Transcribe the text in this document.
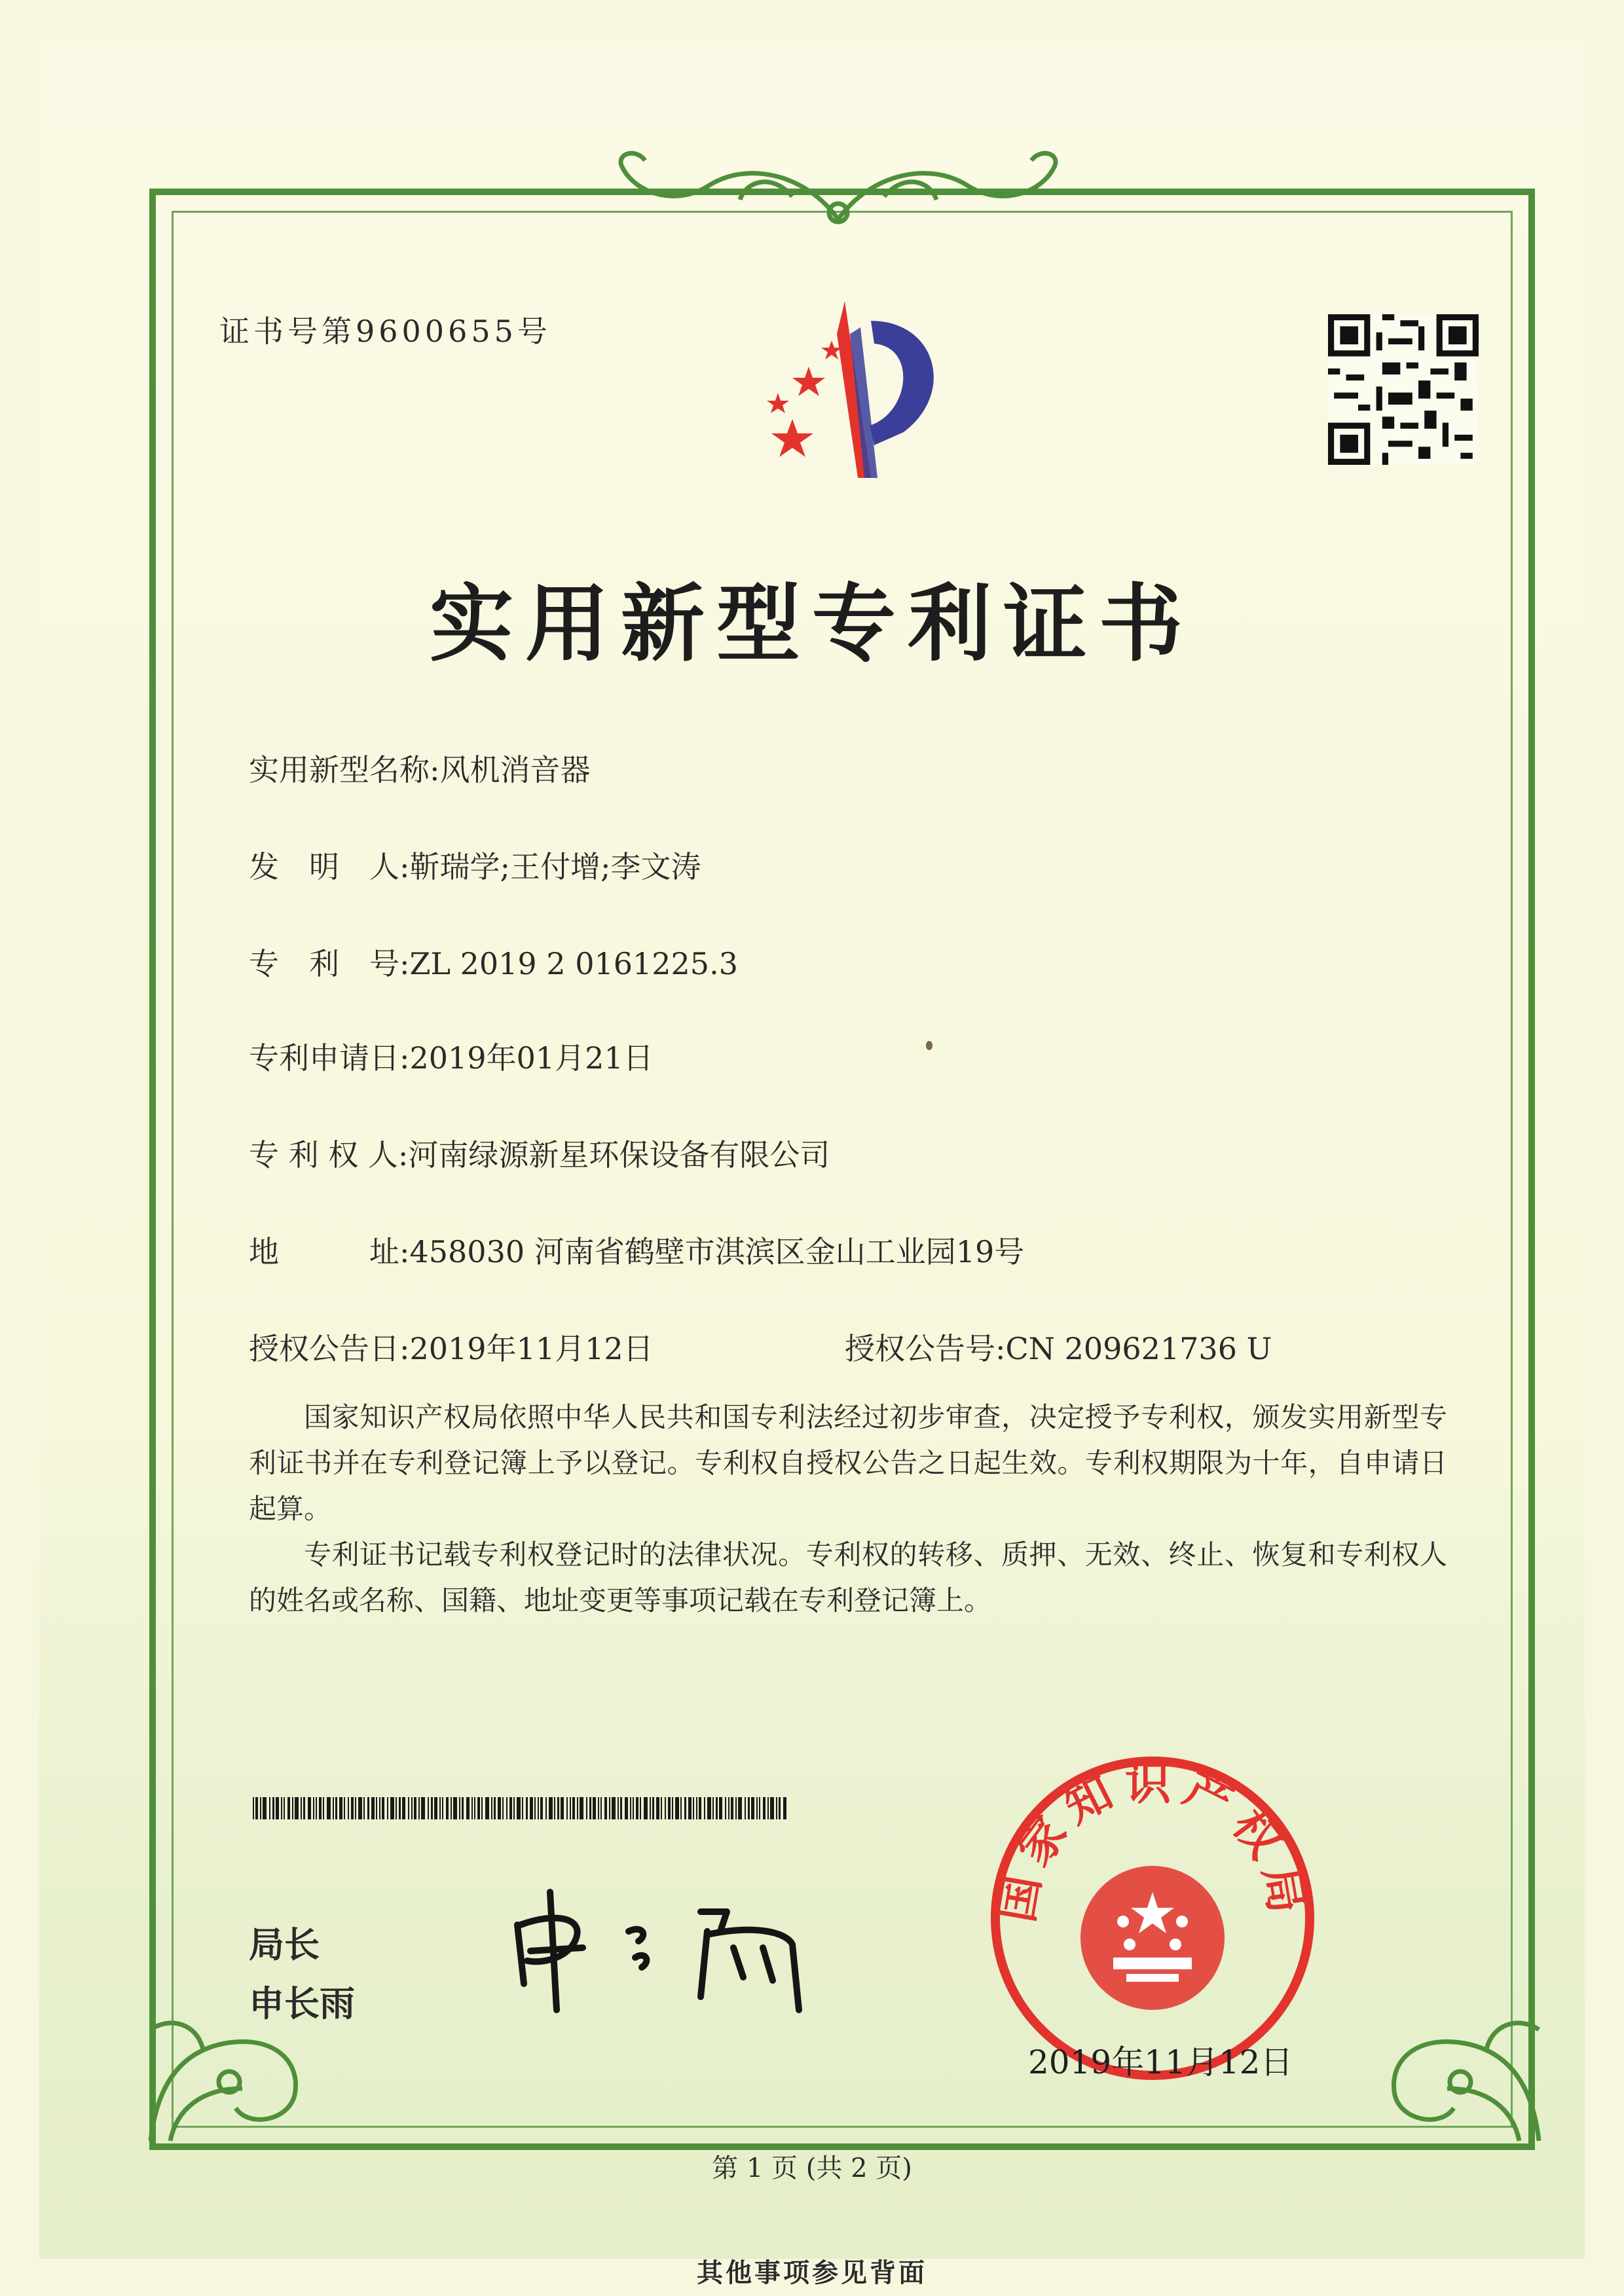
证书号第9600655号
实用新型专利证书
实用新型名称:风机消音器
发　明　人:靳瑞学;王付增;李文涛
专　利　号:ZL 2019 2 0161225.3
专利申请日:2019年01月21日
专 利 权 人:河南绿源新星环保设备有限公司
地　　　址:458030 河南省鹤壁市淇滨区金山工业园19号
授权公告日:2019年11月12日	授权公告号:CN 209621736 U
国家知识产权局依照中华人民共和国专利法经过初步审查，决定授予专利权，颁发实用新型专利证书并在专利登记簿上予以登记。专利权自授权公告之日起生效。专利权期限为十年，自申请日起算。
专利证书记载专利权登记时的法律状况。专利权的转移、质押、无效、终止、恢复和专利权人的姓名或名称、国籍、地址变更等事项记载在专利登记簿上。
局长
申长雨
国家知识产权局
2019年11月12日
第 1 页 (共 2 页)
其他事项参见背面
